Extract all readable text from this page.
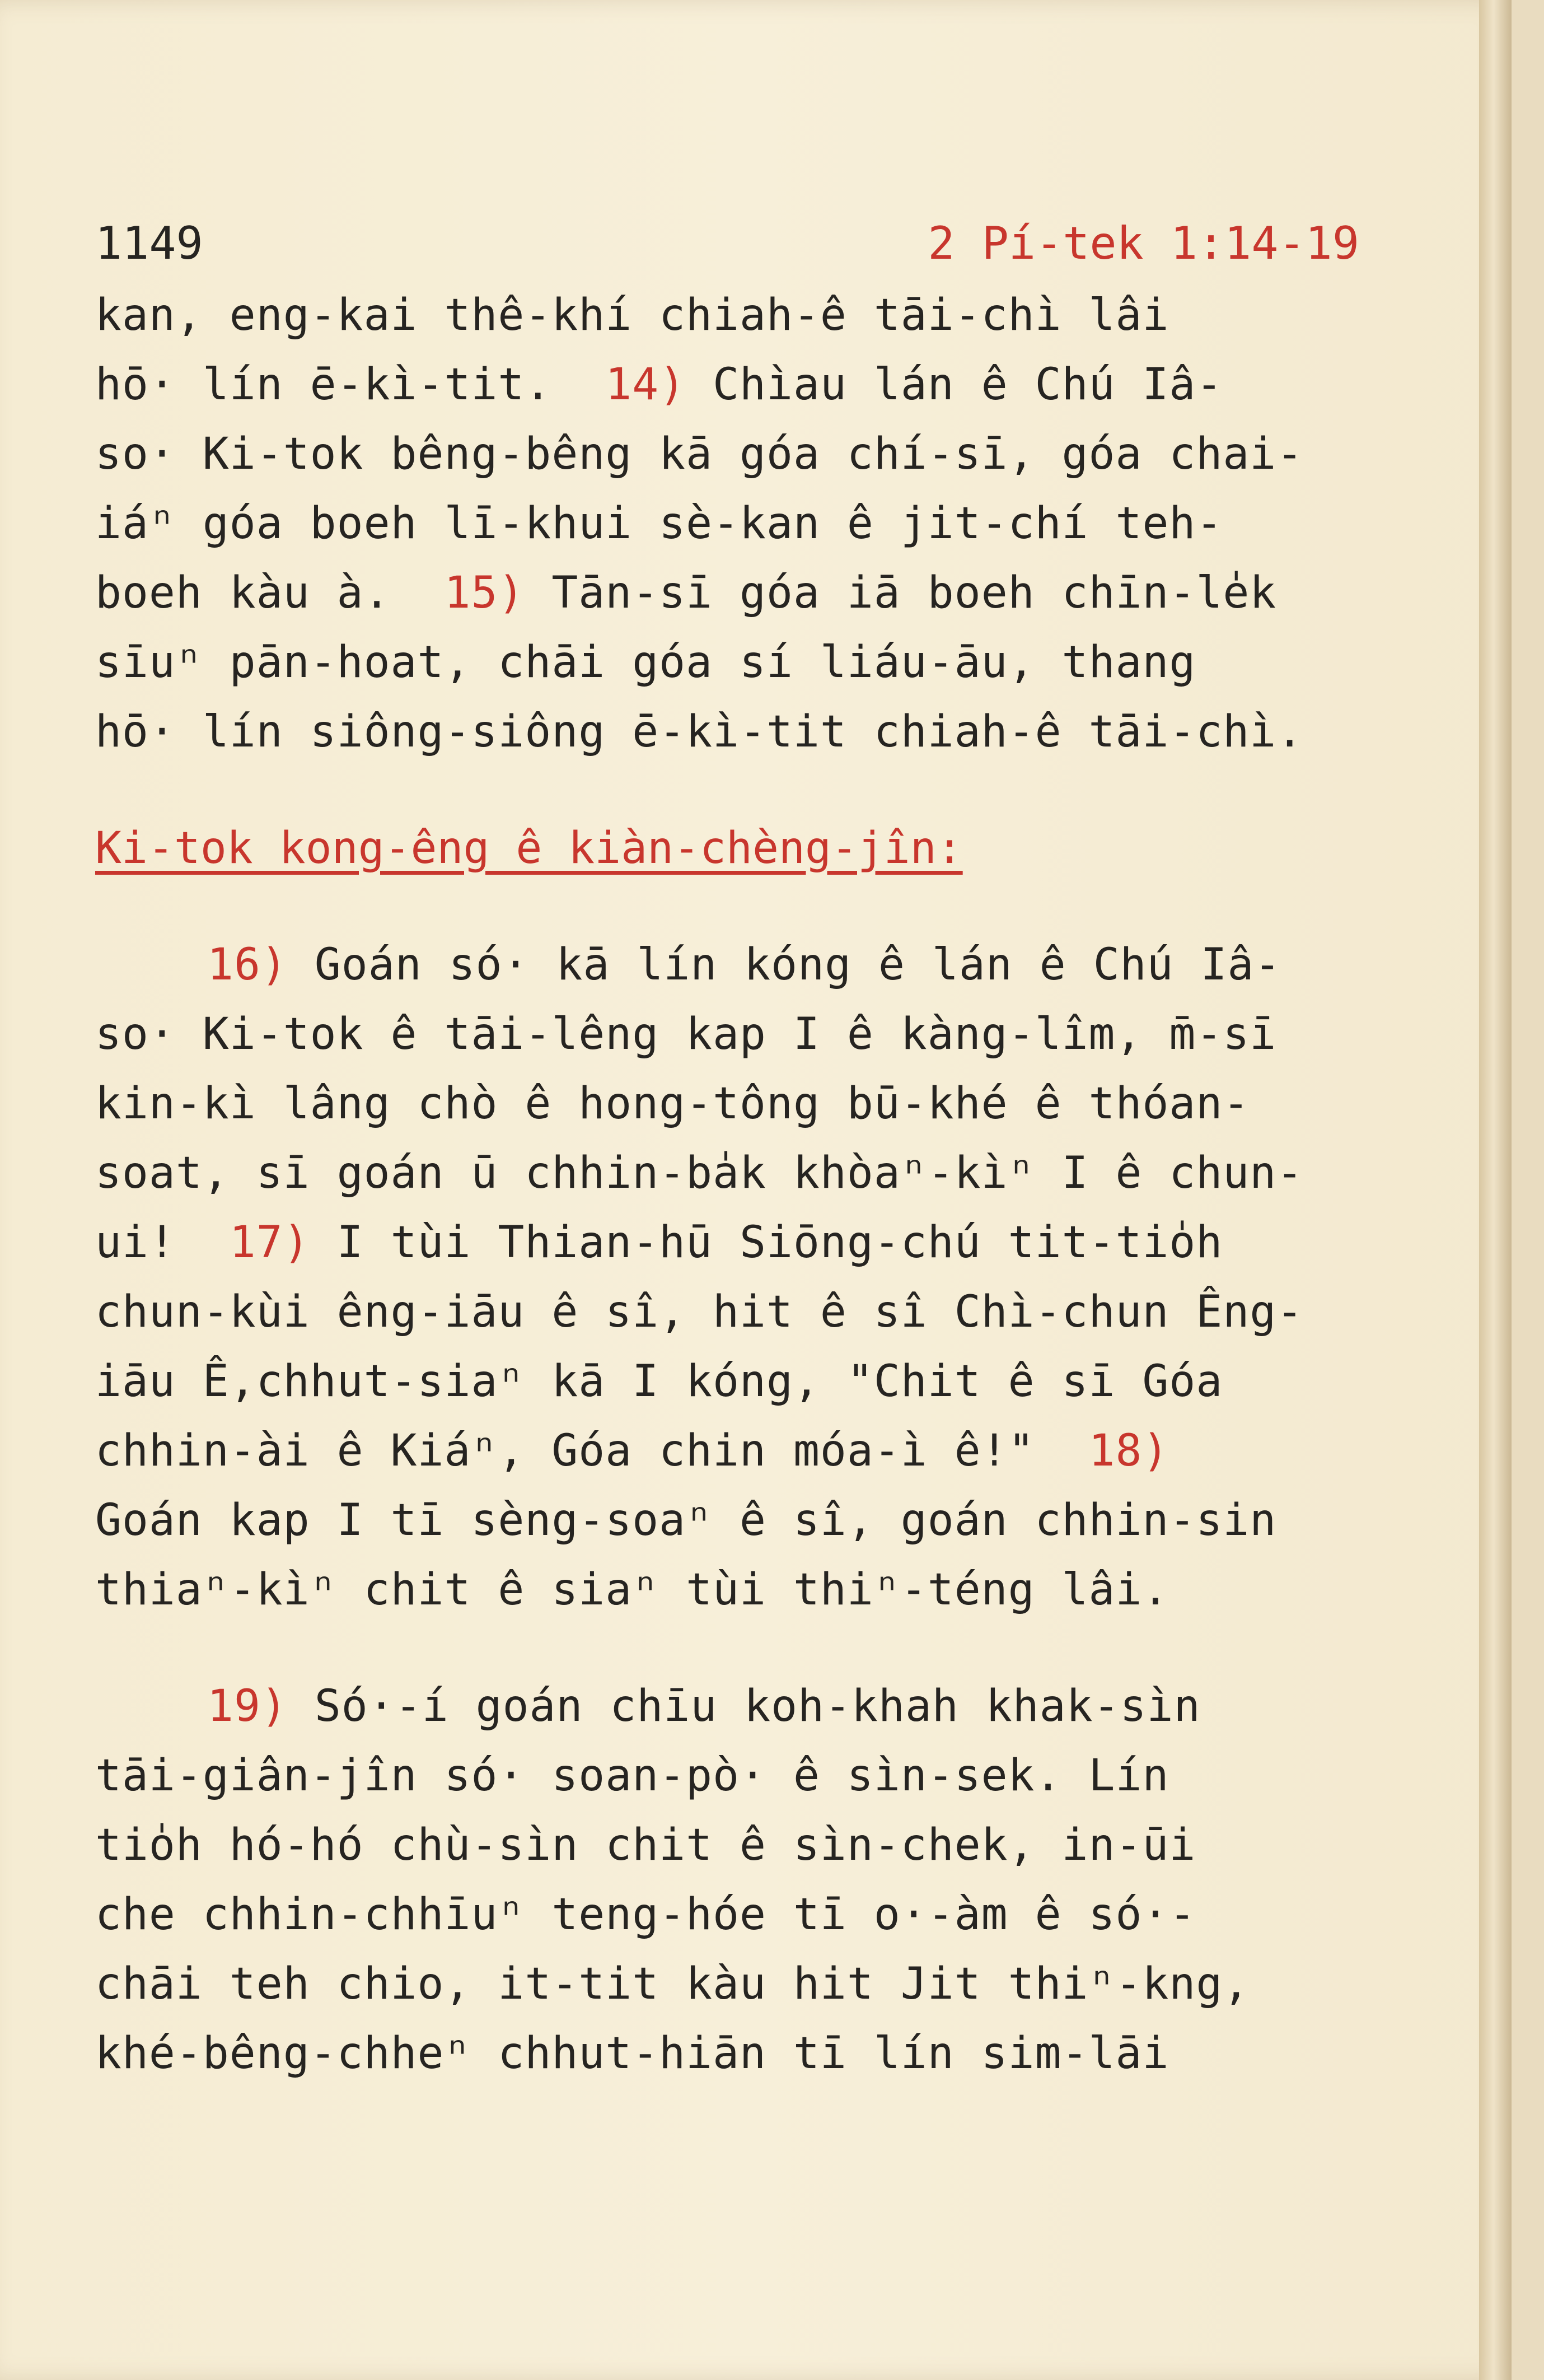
1149	2 Pí-tek 1:14-19
kan, eng-kai thê-khí chiah-ê tāi-chì lâi
hō· lín ē-kì-tit.  14) Chìau lán ê Chú Iâ-
so· Ki-tok bêng-bêng kā góa chí-sī, góa chai-
iáⁿ góa boeh lī-khui sè-kan ê jit-chí teh-
boeh kàu à.  15) Tān-sī góa iā boeh chīn-le̍k
sīuⁿ pān-hoat, chāi góa sí liáu-āu, thang
hō· lín siông-siông ē-kì-tit chiah-ê tāi-chì.
Ki-tok kong-êng ê kiàn-chèng-jîn:
16) Goán só· kā lín kóng ê lán ê Chú Iâ-
so· Ki-tok ê tāi-lêng kap I ê kàng-lîm, m̄-sī
kin-kì lâng chò ê hong-tông bū-khé ê thóan-
soat, sī goán ū chhin-ba̍k khòaⁿ-kìⁿ I ê chun-
ui!  17) I tùi Thian-hū Siōng-chú tit-tio̍h
chun-kùi êng-iāu ê sî, hit ê sî Chì-chun Êng-
iāu Ê,chhut-siaⁿ kā I kóng, "Chit ê sī Góa
chhin-ài ê Kiáⁿ, Góa chin móa-ì ê!"  18)
Goán kap I tī sèng-soaⁿ ê sî, goán chhin-sin
thiaⁿ-kìⁿ chit ê siaⁿ tùi thiⁿ-téng lâi.
19) Só·-í goán chīu koh-khah khak-sìn
tāi-giân-jîn só· soan-pò· ê sìn-sek. Lín
tio̍h hó-hó chù-sìn chit ê sìn-chek, in-ūi
che chhin-chhīuⁿ teng-hóe tī o·-àm ê só·-
chāi teh chio, it-tit kàu hit Jit thiⁿ-kng,
khé-bêng-chheⁿ chhut-hiān tī lín sim-lāi
